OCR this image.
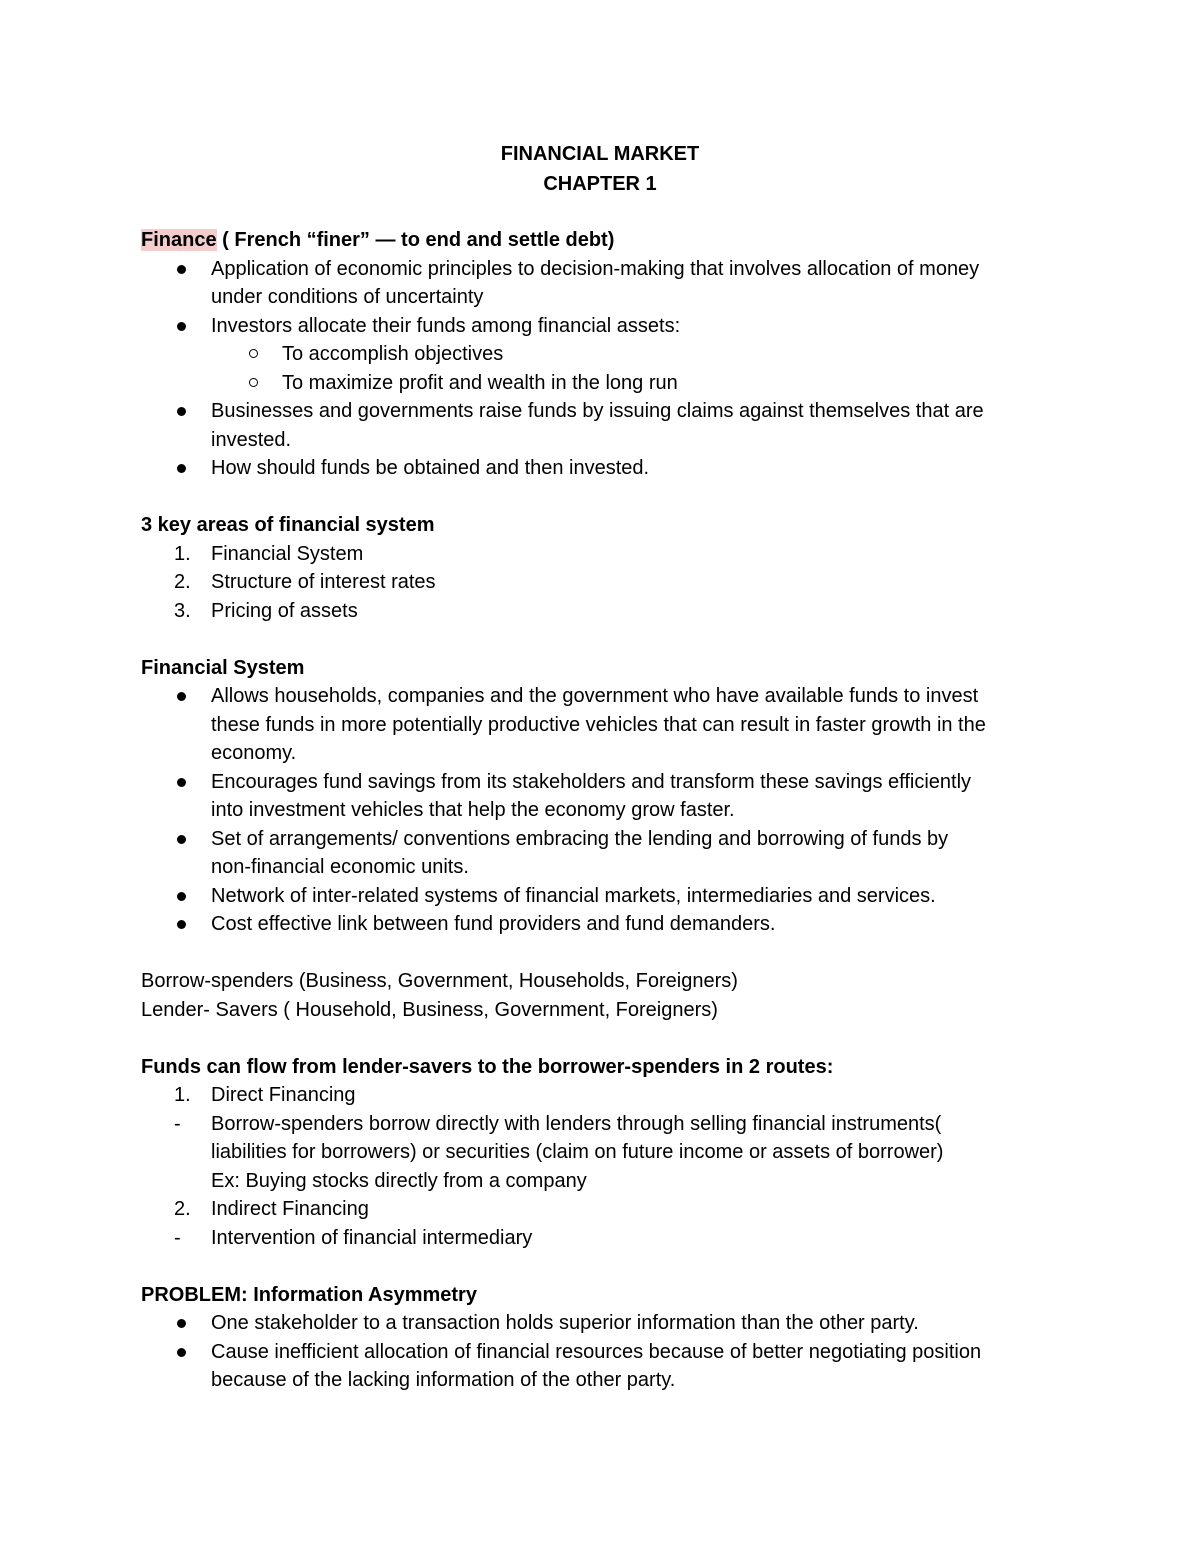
FINANCIAL MARKET
CHAPTER 1
Finance ( French “finer” — to end and settle debt)
Application of economic principles to decision-making that involves allocation of money
under conditions of uncertainty
Investors allocate their funds among financial assets:
To accomplish objectives
To maximize profit and wealth in the long run
Businesses and governments raise funds by issuing claims against themselves that are
invested.
How should funds be obtained and then invested.
3 key areas of financial system
1. Financial System
2. Structure of interest rates
3. Pricing of assets
Financial System
Allows households, companies and the government who have available funds to invest
these funds in more potentially productive vehicles that can result in faster growth in the
economy.
Encourages fund savings from its stakeholders and transform these savings efficiently
into investment vehicles that help the economy grow faster.
Set of arrangements/ conventions embracing the lending and borrowing of funds by
non-financial economic units.
Network of inter-related systems of financial markets, intermediaries and services.
Cost effective link between fund providers and fund demanders.
Borrow-spenders (Business, Government, Households, Foreigners)
Lender- Savers ( Household, Business, Government, Foreigners)
Funds can flow from lender-savers to the borrower-spenders in 2 routes:
1. Direct Financing
- Borrow-spenders borrow directly with lenders through selling financial instruments(
liabilities for borrowers) or securities (claim on future income or assets of borrower)
Ex: Buying stocks directly from a company
2. Indirect Financing
- Intervention of financial intermediary
PROBLEM: Information Asymmetry
One stakeholder to a transaction holds superior information than the other party.
Cause inefficient allocation of financial resources because of better negotiating position
because of the lacking information of the other party.
